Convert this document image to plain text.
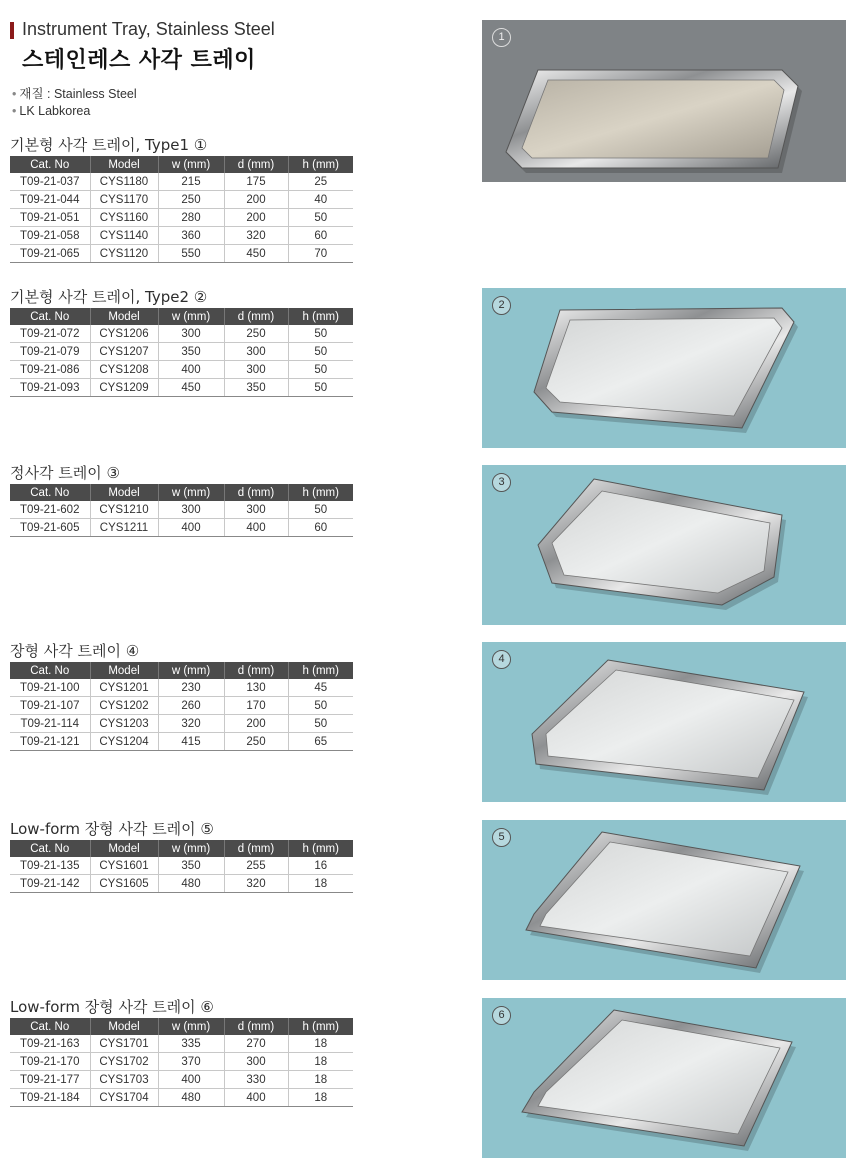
Instrument Tray, Stainless Steel
스테인레스 사각 트레이
• 재질 : Stainless Steel
• LK Labkorea
기본형 사각 트레이, Type1 ①
Cat. No	Model	w (mm)	d (mm)	h (mm)
T09-21-037	CYS1180	215	175	25
T09-21-044	CYS1170	250	200	40
T09-21-051	CYS1160	280	200	50
T09-21-058	CYS1140	360	320	60
T09-21-065	CYS1120	550	450	70
기본형 사각 트레이, Type2 ②
Cat. No	Model	w (mm)	d (mm)	h (mm)
T09-21-072	CYS1206	300	250	50
T09-21-079	CYS1207	350	300	50
T09-21-086	CYS1208	400	300	50
T09-21-093	CYS1209	450	350	50
정사각 트레이 ③
Cat. No	Model	w (mm)	d (mm)	h (mm)
T09-21-602	CYS1210	300	300	50
T09-21-605	CYS1211	400	400	60
장형 사각 트레이 ④
Cat. No	Model	w (mm)	d (mm)	h (mm)
T09-21-100	CYS1201	230	130	45
T09-21-107	CYS1202	260	170	50
T09-21-114	CYS1203	320	200	50
T09-21-121	CYS1204	415	250	65
Low-form 장형 사각 트레이 ⑤
Cat. No	Model	w (mm)	d (mm)	h (mm)
T09-21-135	CYS1601	350	255	16
T09-21-142	CYS1605	480	320	18
Low-form 장형 사각 트레이 ⑥
Cat. No	Model	w (mm)	d (mm)	h (mm)
T09-21-163	CYS1701	335	270	18
T09-21-170	CYS1702	370	300	18
T09-21-177	CYS1703	400	330	18
T09-21-184	CYS1704	480	400	18
1
2
3
4
5
6
